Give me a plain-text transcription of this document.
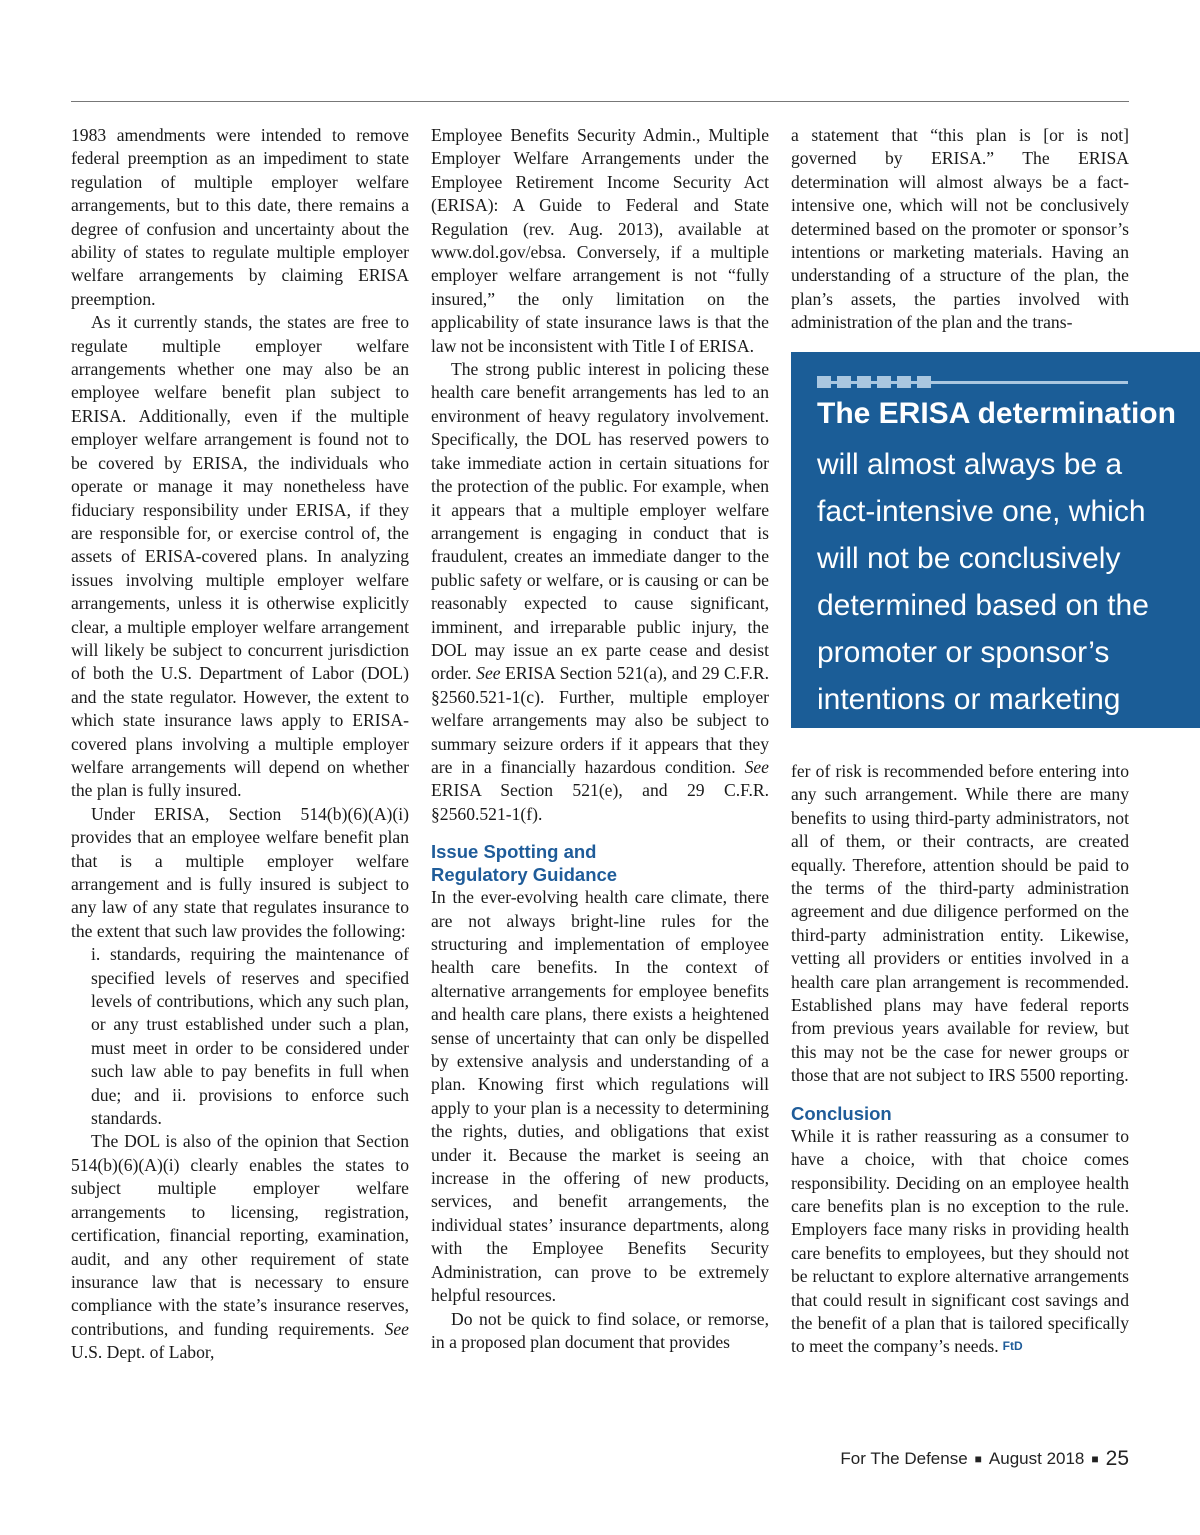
1983 amendments were intended to remove federal preemption as an impediment to state regulation of multiple employer welfare arrangements, but to this date, there remains a degree of confusion and uncertainty about the ability of states to regulate multiple employer welfare arrangements by claiming ERISA preemption.

As it currently stands, the states are free to regulate multiple employer welfare arrangements whether one may also be an employee welfare benefit plan subject to ERISA. Additionally, even if the multiple employer welfare arrangement is found not to be covered by ERISA, the individuals who operate or manage it may nonetheless have fiduciary responsibility under ERISA, if they are responsible for, or exercise control of, the assets of ERISA-covered plans. In analyzing issues involving multiple employer welfare arrangements, unless it is otherwise explicitly clear, a multiple employer welfare arrangement will likely be subject to concurrent jurisdiction of both the U.S. Department of Labor (DOL) and the state regulator. However, the extent to which state insurance laws apply to ERISA-covered plans involving a multiple employer welfare arrangements will depend on whether the plan is fully insured.

Under ERISA, Section 514(b)(6)(A)(i) provides that an employee welfare benefit plan that is a multiple employer welfare arrangement and is fully insured is subject to any law of any state that regulates insurance to the extent that such law provides the following:

i. standards, requiring the maintenance of specified levels of reserves and specified levels of contributions, which any such plan, or any trust established under such a plan, must meet in order to be considered under such law able to pay benefits in full when due; and ii. provisions to enforce such standards.

The DOL is also of the opinion that Section 514(b)(6)(A)(i) clearly enables the states to subject multiple employer welfare arrangements to licensing, registration, certification, financial reporting, examination, audit, and any other requirement of state insurance law that is necessary to ensure compliance with the state’s insurance reserves, contributions, and funding requirements. See U.S. Dept. of Labor,

Employee Benefits Security Admin., Multiple Employer Welfare Arrangements under the Employee Retirement Income Security Act (ERISA): A Guide to Federal and State Regulation (rev. Aug. 2013), available at www.dol.gov/ebsa. Conversely, if a multiple employer welfare arrangement is not “fully insured,” the only limitation on the applicability of state insurance laws is that the law not be inconsistent with Title I of ERISA.

The strong public interest in policing these health care benefit arrangements has led to an environment of heavy regulatory involvement. Specifically, the DOL has reserved powers to take immediate action in certain situations for the protection of the public. For example, when it appears that a multiple employer welfare arrangement is engaging in conduct that is fraudulent, creates an immediate danger to the public safety or welfare, or is causing or can be reasonably expected to cause significant, imminent, and irreparable public injury, the DOL may issue an ex parte cease and desist order. See ERISA Section 521(a), and 29 C.F.R. §2560.521-1(c). Further, multiple employer welfare arrangements may also be subject to summary seizure orders if it appears that they are in a financially hazardous condition. See ERISA Section 521(e), and 29 C.F.R. §2560.521-1(f).

Issue Spotting and
Regulatory Guidance

In the ever-evolving health care climate, there are not always bright-line rules for the structuring and implementation of employee health care benefits. In the context of alternative arrangements for employee benefits and health care plans, there exists a heightened sense of uncertainty that can only be dispelled by extensive analysis and understanding of a plan. Knowing first which regulations will apply to your plan is a necessity to determining the rights, duties, and obligations that exist under it. Because the market is seeing an increase in the offering of new products, services, and benefit arrangements, the individual states’ insurance departments, along with the Employee Benefits Security Administration, can prove to be extremely helpful resources.

Do not be quick to find solace, or remorse, in a proposed plan document that provides

a statement that “this plan is [or is not] governed by ERISA.” The ERISA determination will almost always be a fact-intensive one, which will not be conclusively determined based on the promoter or sponsor’s intentions or marketing materials. Having an understanding of a structure of the plan, the plan’s assets, the parties involved with administration of the plan and the trans-

The ERISA determination
will almost always be a fact-intensive one, which will not be conclusively determined based on the promoter or sponsor’s intentions or marketing materials.

fer of risk is recommended before entering into any such arrangement. While there are many benefits to using third-party administrators, not all of them, or their contracts, are created equally. Therefore, attention should be paid to the terms of the third-party administration agreement and due diligence performed on the third-party administration entity. Likewise, vetting all providers or entities involved in a health care plan arrangement is recommended. Established plans may have federal reports from previous years available for review, but this may not be the case for newer groups or those that are not subject to IRS 5500 reporting.

Conclusion

While it is rather reassuring as a consumer to have a choice, with that choice comes responsibility. Deciding on an employee health care benefits plan is no exception to the rule. Employers face many risks in providing health care benefits to employees, but they should not be reluctant to explore alternative arrangements that could result in significant cost savings and the benefit of a plan that is tailored specifically to meet the company’s needs. FtD

For The Defense ■ August 2018 ■ 25
